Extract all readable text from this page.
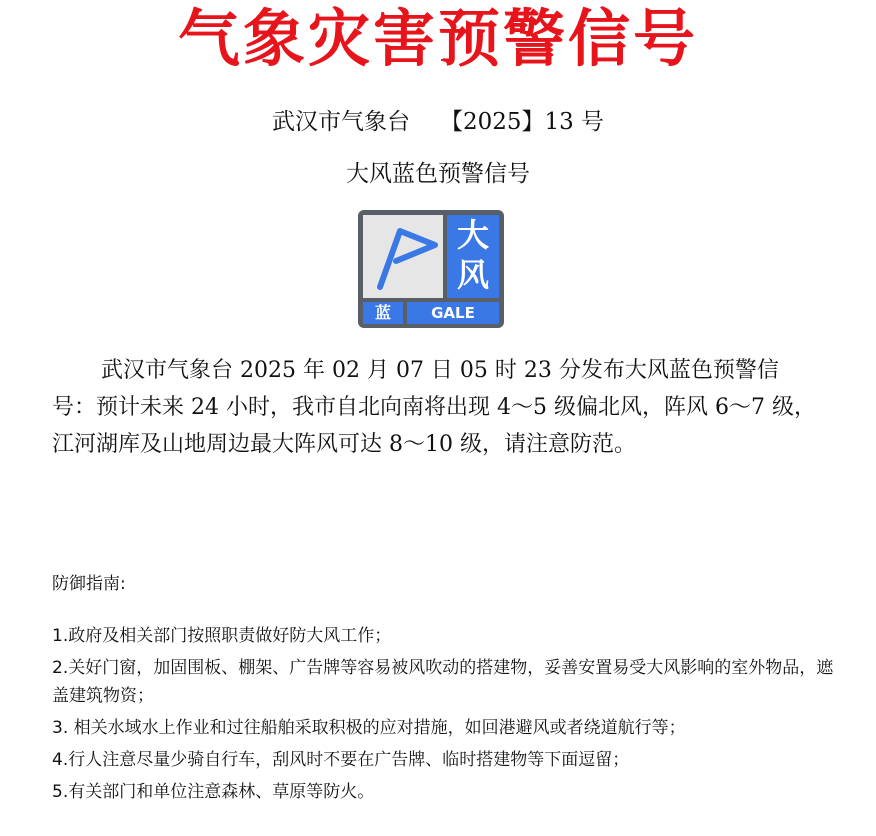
气象灾害预警信号
武汉市气象台 【2025】13 号
大风蓝色预警信号
大
风
蓝	GALE
武汉市气象台 2025 年 02 月 07 日 05 时 23 分发布大风蓝色预警信号：预计未来 24 小时，我市自北向南将出现 4～5 级偏北风，阵风 6～7 级，江河湖库及山地周边最大阵风可达 8～10 级，请注意防范。
防御指南:
1.政府及相关部门按照职责做好防大风工作；
2.关好门窗，加固围板、棚架、广告牌等容易被风吹动的搭建物，妥善安置易受大风影响的室外物品，遮盖建筑物资；
3. 相关水域水上作业和过往船舶采取积极的应对措施，如回港避风或者绕道航行等；
4.行人注意尽量少骑自行车，刮风时不要在广告牌、临时搭建物等下面逗留；
5.有关部门和单位注意森林、草原等防火。
